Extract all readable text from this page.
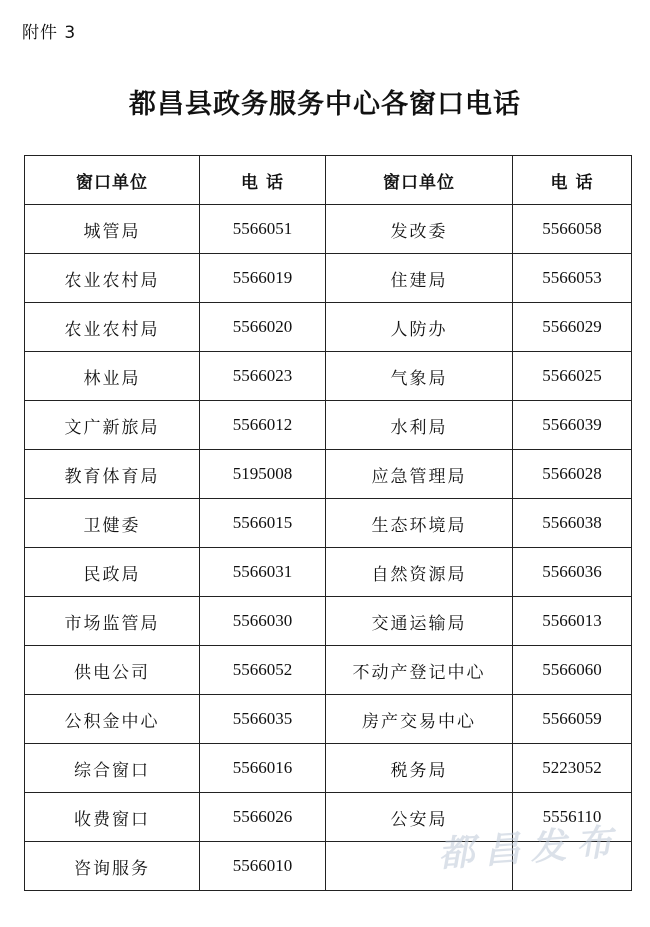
附件 3
都昌县政务服务中心各窗口电话
窗口单位	电 话	窗口单位	电 话
城管局	5566051	发改委	5566058
农业农村局	5566019	住建局	5566053
农业农村局	5566020	人防办	5566029
林业局	5566023	气象局	5566025
文广新旅局	5566012	水利局	5566039
教育体育局	5195008	应急管理局	5566028
卫健委	5566015	生态环境局	5566038
民政局	5566031	自然资源局	5566036
市场监管局	5566030	交通运输局	5566013
供电公司	5566052	不动产登记中心	5566060
公积金中心	5566035	房产交易中心	5566059
综合窗口	5566016	税务局	5223052
收费窗口	5566026	公安局	5556110
咨询服务	5566010			都昌发布
